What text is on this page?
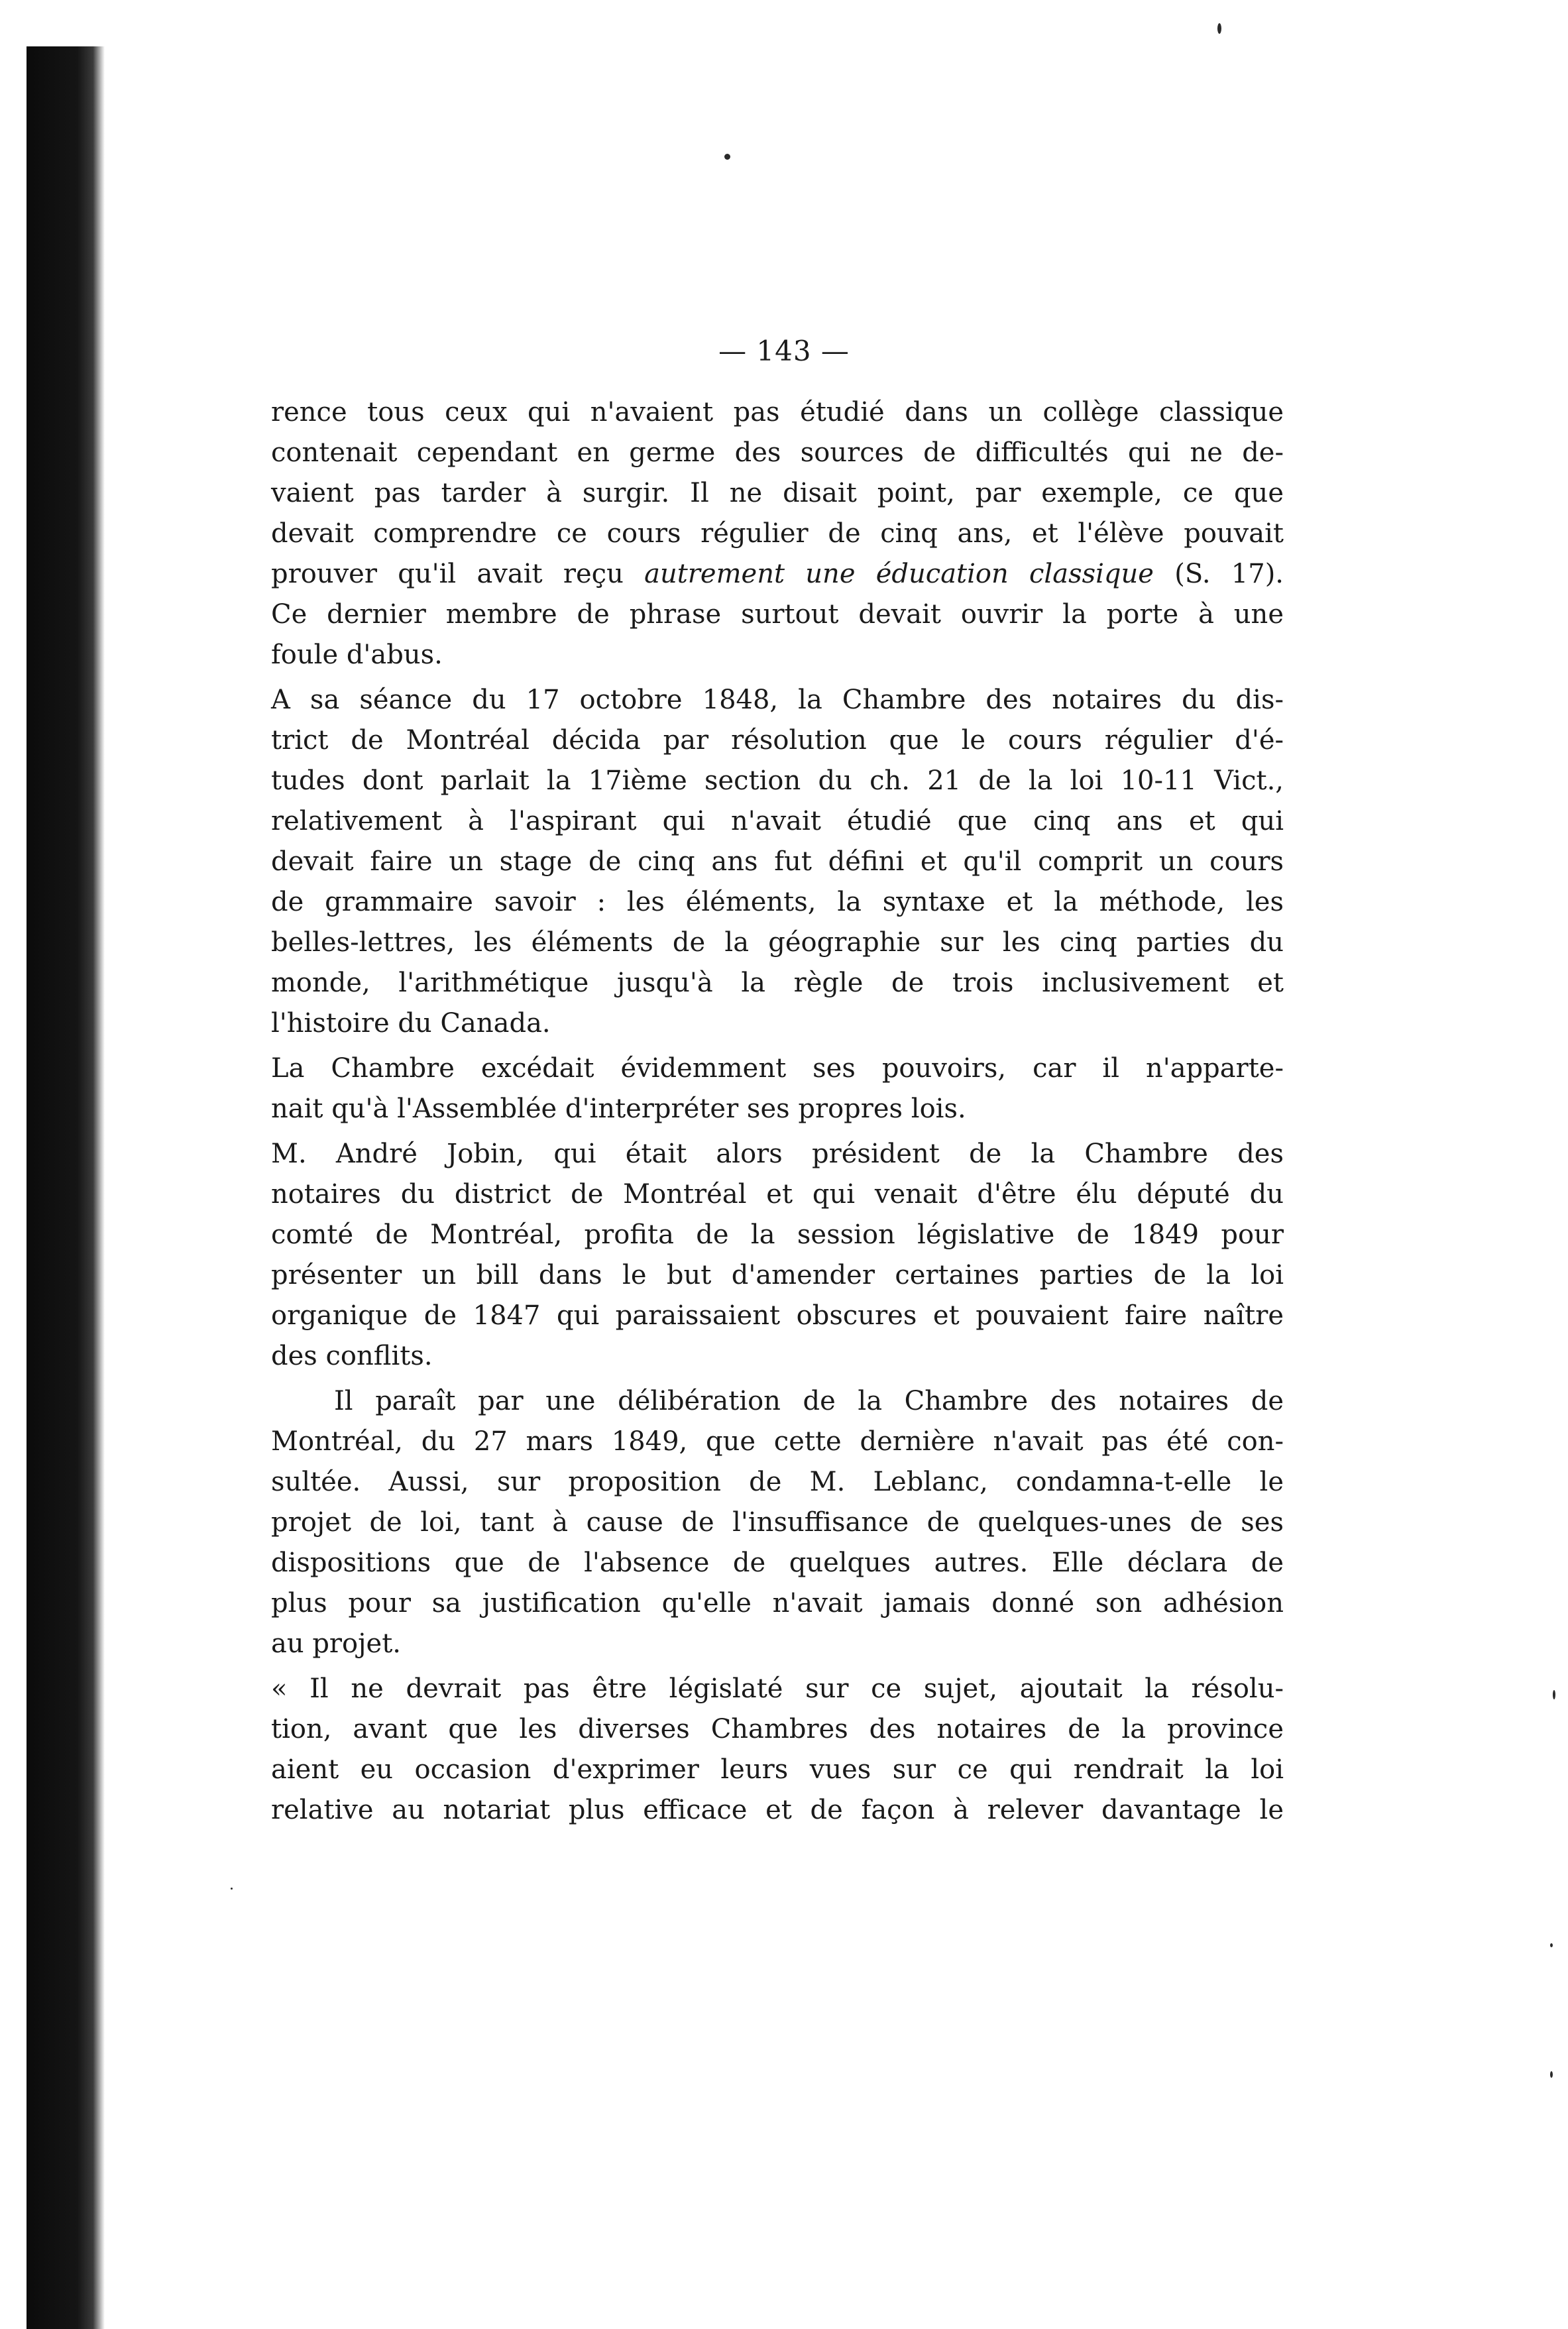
— 143 —
rence tous ceux qui n'avaient pas étudié dans un collège classique
contenait cependant en germe des sources de difficultés qui ne de-
vaient pas tarder à surgir. Il ne disait point, par exemple, ce que
devait comprendre ce cours régulier de cinq ans, et l'élève pouvait
prouver qu'il avait reçu autrement une éducation classique (S. 17).
Ce dernier membre de phrase surtout devait ouvrir la porte à une
foule d'abus.
A sa séance du 17 octobre 1848, la Chambre des notaires du dis-
trict de Montréal décida par résolution que le cours régulier d'é-
tudes dont parlait la 17ième section du ch. 21 de la loi 10-11 Vict.,
relativement à l'aspirant qui n'avait étudié que cinq ans et qui
devait faire un stage de cinq ans fut défini et qu'il comprit un cours
de grammaire savoir : les éléments, la syntaxe et la méthode, les
belles-lettres, les éléments de la géographie sur les cinq parties du
monde, l'arithmétique jusqu'à la règle de trois inclusivement et
l'histoire du Canada.
La Chambre excédait évidemment ses pouvoirs, car il n'apparte-
nait qu'à l'Assemblée d'interpréter ses propres lois.
M. André Jobin, qui était alors président de la Chambre des
notaires du district de Montréal et qui venait d'être élu député du
comté de Montréal, profita de la session législative de 1849 pour
présenter un bill dans le but d'amender certaines parties de la loi
organique de 1847 qui paraissaient obscures et pouvaient faire naître
des conflits.
Il paraît par une délibération de la Chambre des notaires de
Montréal, du 27 mars 1849, que cette dernière n'avait pas été con-
sultée. Aussi, sur proposition de M. Leblanc, condamna-t-elle le
projet de loi, tant à cause de l'insuffisance de quelques-unes de ses
dispositions que de l'absence de quelques autres. Elle déclara de
plus pour sa justification qu'elle n'avait jamais donné son adhésion
au projet.
« Il ne devrait pas être législaté sur ce sujet, ajoutait la résolu-
tion, avant que les diverses Chambres des notaires de la province
aient eu occasion d'exprimer leurs vues sur ce qui rendrait la loi
relative au notariat plus efficace et de façon à relever davantage le
